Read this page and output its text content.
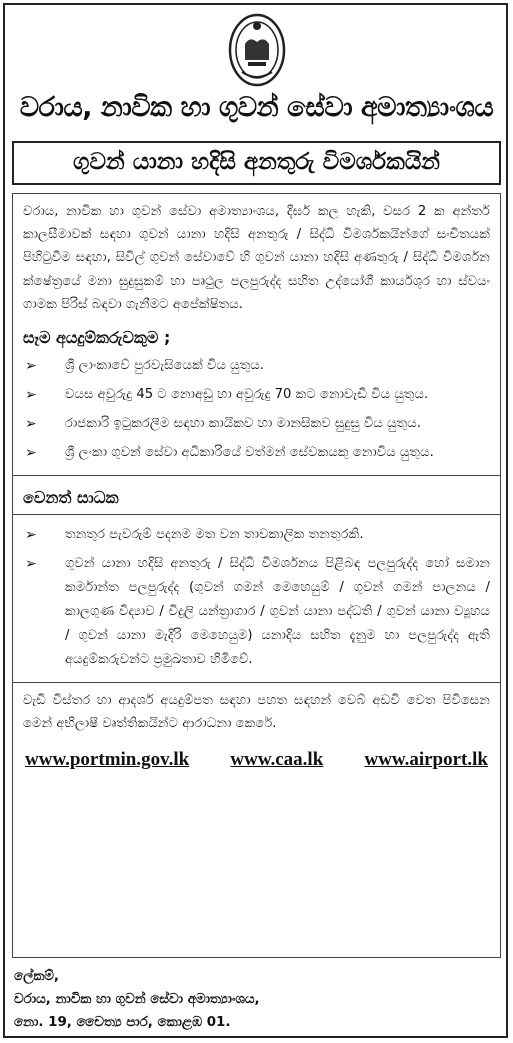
වරාය, නාවික හා ගුවන් සේවා අමාත්‍යාංශය
ගුවන් යානා හදිසි අනතුරු විමර්ශකයින්

වරාය, නාවික හා ගුවන් සේවා අමාත්‍යාංශය, දීර්ඝ කල හැකි, වසර 2 ක අන්තර් කාලසීමාවක් සඳහා ගුවන් යානා හදිසි අනතුරු / සිද්ධි විමර්ශකයින්ගේ සංචිතයක් පිහිටුවීම සඳහා, සිවිල් ගුවන් සේවාවේ හි ගුවන් යානා හදිසි අණතුරු / සිද්ධි විමර්ශන ක්ෂේත්‍රයේ මනා සුදුසුකම් හා පෘථුල පලපුරුද්ද සහිත උද්යෝගී කාර්යශූර හා ස්වයං ගාමක පිරිස් බඳවා ගැනීමට අපේක්ෂිතය.

සෑම අයදුම්කරුවකුම ;
➢ ශ්‍රී ලාංකාවේ පුරවැසියෙක් විය යුතුය.
➢ වයස අවුරුදු 45 ට නොඅඩු හා අවුරුදු 70 කට නොවැඩි විය යුතුය.
➢ රාජකාරි ඉටුකරලීම සඳහා කායිකව හා මානසිකව සුදුසු විය යුතුය.
➢ ශ්‍රී ලංකා ගුවන් සේවා අධිකාරියේ වත්මන් සේවකයකු නොවිය යුතුය.
වෙනත් සාධක
➢ තනතුර පැවරුම් පදනම මත වන තාවකාලික තනතුරකි.
➢ ගුවන් යානා හදිසි අනතුරු / සිද්ධි විමර්ශනය පිළිබඳ පලපුරුද්ද හෝ සමාන කර්මාන්ත පලපුරුද්ද (ගුවන් ගමන් මෙහෙයුම් / ගුවන් ගමන් පාලනය / කාලගුණ විද්‍යාව / විදුලි යන්ත්‍රාගාර / ගුවන් යානා පද්ධති / ගුවන් යානා ව්‍යූහය / ගුවන් යානා මැදිරි මෙහෙයුම) යනාදිය සහිත දැනුම හා පලපුරුද්ද ඇති අයදුම්කරුවන්ට ප්‍රමුඛතාව හිමිවේ.

වැඩි විස්තර හා ආදර්ශ අයදුම්පත සඳහා පහත සඳහන් වෙබ් අඩවි වෙත පිවිසෙන මෙන් අභිලාෂී වෘත්තිකයින්ට ආරාධනා කෙරේ.

www.portmin.gov.lk www.caa.lk www.airport.lk
ලේකම්,
වරාය, නාවික හා ගුවන් සේවා අමාත්‍යාංශය,
නො. 19, චෛත්‍ය පාර, කොළඹ 01.
